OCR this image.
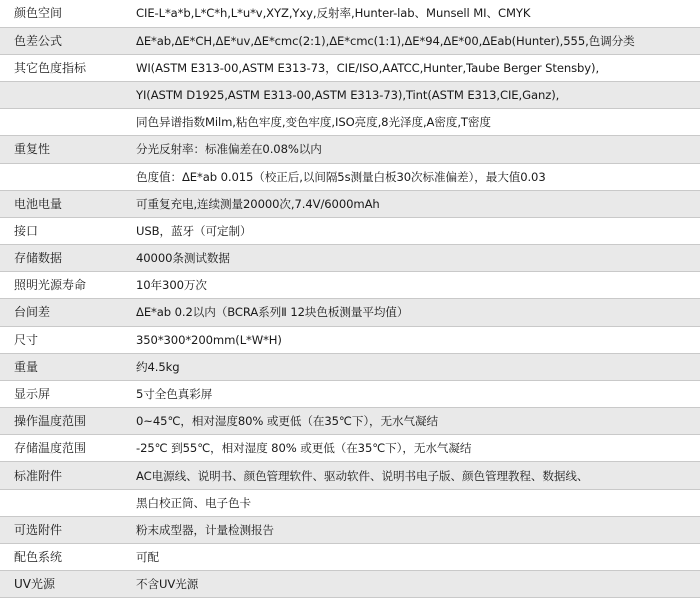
颜色空间	CIE-L*a*b,L*C*h,L*u*v,XYZ,Yxy,反射率,Hunter-lab、Munsell MI、CMYK
色差公式	ΔE*ab,ΔE*CH,ΔE*uv,ΔE*cmc(2:1),ΔE*cmc(1:1),ΔE*94,ΔE*00,ΔEab(Hunter),555,色调分类
其它色度指标	WI(ASTM E313-00,ASTM E313-73，CIE/ISO,AATCC,Hunter,Taube Berger Stensby),
	YI(ASTM D1925,ASTM E313-00,ASTM E313-73),Tint(ASTM E313,CIE,Ganz),
	同色异谱指数Milm,粘色牢度,变色牢度,ISO亮度,8光泽度,A密度,T密度
重复性	分光反射率：标准偏差在0.08%以内
	色度值：ΔE*ab 0.015（校正后,以间隔5s测量白板30次标准偏差），最大值0.03
电池电量	可重复充电,连续测量20000次,7.4V/6000mAh
接口	USB，蓝牙（可定制）
存储数据	40000条测试数据
照明光源寿命	10年300万次
台间差	ΔE*ab 0.2以内（BCRA系列Ⅱ 12块色板测量平均值）
尺寸	350*300*200mm(L*W*H)
重量	约4.5kg
显示屏	5寸全色真彩屏
操作温度范围	0~45℃，相对湿度80% 或更低（在35℃下），无水气凝结
存储温度范围	-25℃ 到55℃，相对湿度 80% 或更低（在35℃下），无水气凝结
标准附件	AC电源线、说明书、颜色管理软件、驱动软件、说明书电子版、颜色管理教程、数据线、
	黑白校正筒、电子色卡
可选附件	粉末成型器，计量检测报告
配色系统	可配
UV光源	不含UV光源
